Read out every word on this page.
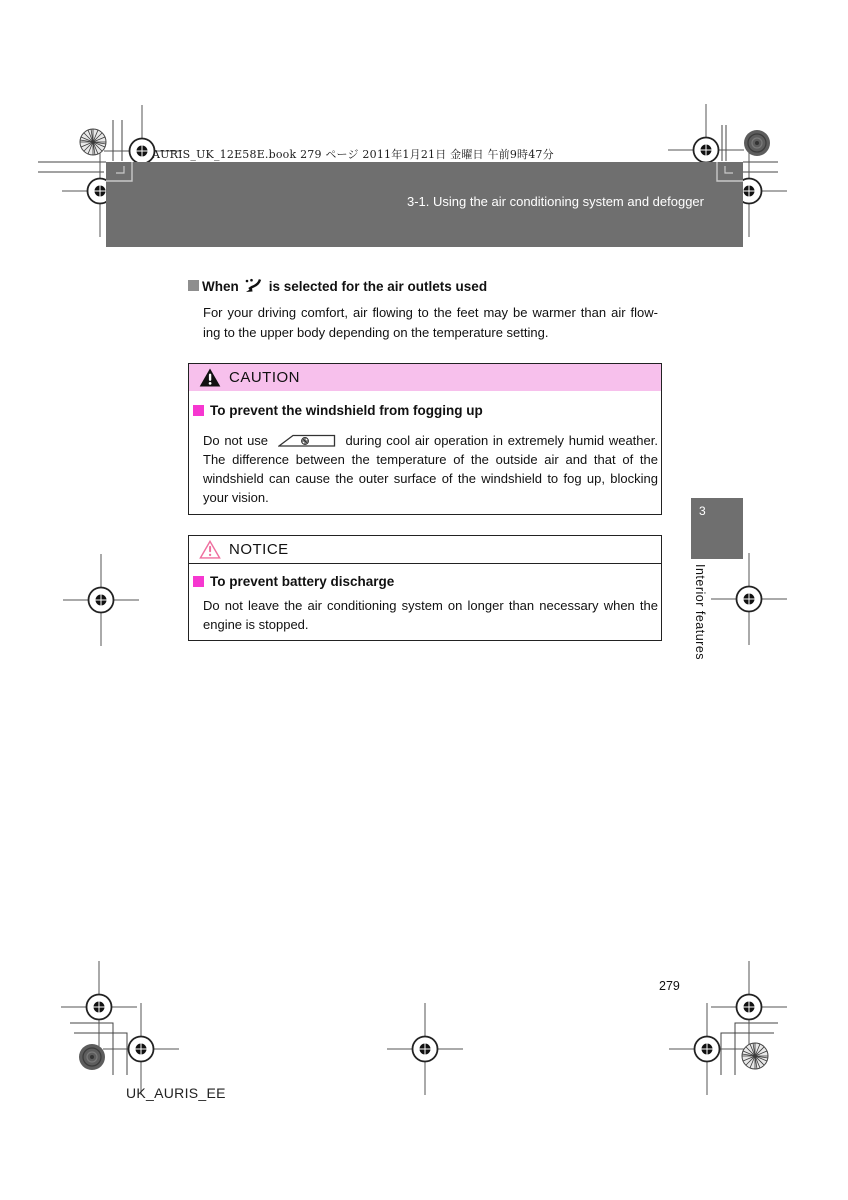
AURIS_UK_12E58E.book 279 ページ 2011年1月21日 金曜日 午前9時47分
3-1. Using the air conditioning system and defogger
When is selected for the air outlets used
For your driving comfort, air flowing to the feet may be warmer than air flow-
ing to the upper body depending on the temperature setting.
CAUTION
To prevent the windshield from fogging up
Do not use	during cool air operation in extremely humid weather.
The difference between the temperature of the outside air and that of the
windshield can cause the outer surface of the windshield to fog up, blocking
your vision.
NOTICE
To prevent battery discharge
Do not leave the air conditioning system on longer than necessary when the
engine is stopped.
3
Interior features
279
UK_AURIS_EE
